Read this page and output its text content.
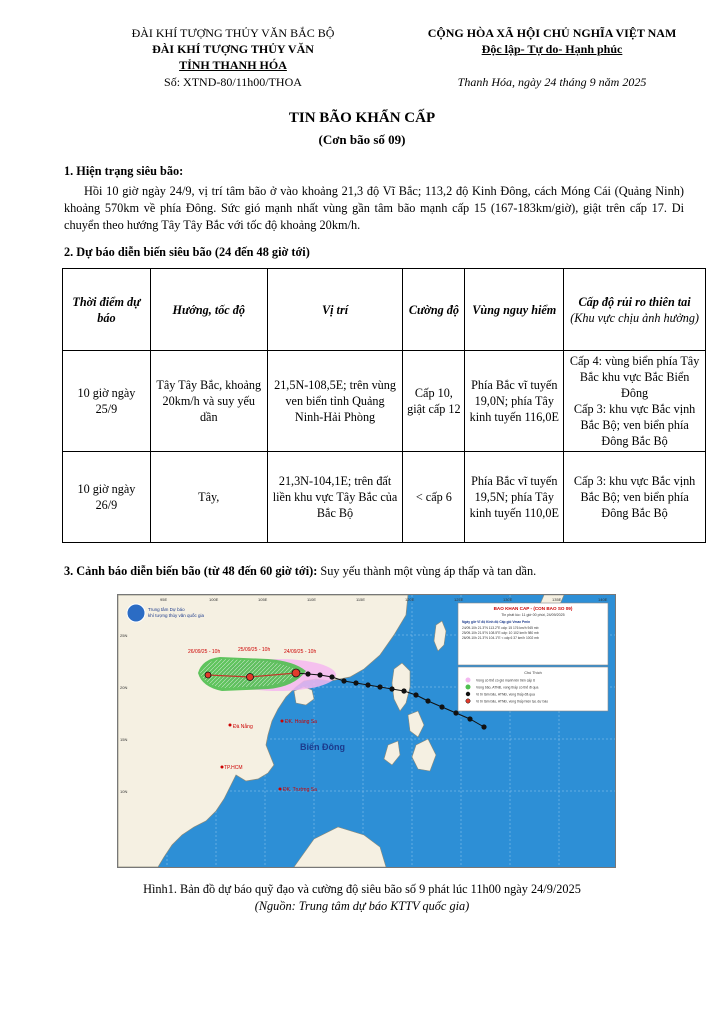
ĐÀI KHÍ TƯỢNG THỦY VĂN BẮC BỘ
ĐÀI KHÍ TƯỢNG THỦY VĂN
TỈNH THANH HÓA
Số: XTND-80/11h00/THOA
CỘNG HÒA XÃ HỘI CHỦ NGHĨA VIỆT NAM
Độc lập- Tự do- Hạnh phúc
Thanh Hóa, ngày 24 tháng 9 năm 2025
TIN BÃO KHẨN CẤP
(Cơn bão số 09)
1. Hiện trạng siêu bão:
Hồi 10 giờ ngày 24/9, vị trí tâm bão ở vào khoảng 21,3 độ Vĩ Bắc; 113,2 độ Kinh Đông, cách Móng Cái (Quảng Ninh) khoảng 570km về phía Đông. Sức gió mạnh nhất vùng gần tâm bão mạnh cấp 15 (167-183km/giờ), giật trên cấp 17. Di chuyển theo hướng Tây Tây Bắc với tốc độ khoảng 20km/h.
2. Dự báo diễn biến siêu bão (24 đến 48 giờ tới)
Thời điểm dự báo	Hướng, tốc độ	Vị trí	Cường độ	Vùng nguy hiểm	Cấp độ rủi ro thiên tai
(Khu vực chịu ảnh hưởng)

10 giờ ngày 25/9	Tây Tây Bắc, khoảng 20km/h và suy yếu dần	21,5N-108,5E; trên vùng ven biển tỉnh Quảng Ninh-Hải Phòng	Cấp 10, giật cấp 12	Phía Bắc vĩ tuyến 19,0N; phía Tây kinh tuyến 116,0E	Cấp 4: vùng biển phía Tây Bắc khu vực Bắc Biển Đông
Cấp 3: khu vực Bắc vịnh Bắc Bộ; ven biển phía Đông Bắc Bộ

10 giờ ngày 26/9	Tây,	21,3N-104,1E; trên đất liền khu vực Tây Bắc của Bắc Bộ	< cấp 6	Phía Bắc vĩ tuyến 19,5N; phía Tây kinh tuyến 110,0E	Cấp 3: khu vực Bắc vịnh Bắc Bộ; ven biển phía Đông Bắc Bộ
3. Cảnh báo diễn biến bão (từ 48 đến 60 giờ tới): Suy yếu thành một vùng áp thấp và tan dần.
24/09/25 - 10h
25/09/25 - 10h
26/09/25 - 10h
Đà Nẵng
ĐK. Hoàng Sa
Biển Đông
TP.HCM
ĐK. Trường Sa
Trung tâm Dự báo
khí tượng thủy văn quốc gia
95E	100E	105E	110E	115E	120E	125E	130E	135E	140E
25N
20N
15N
10N
BAO KHAN CAP - (CON BAO SO 09)
Tin phát lúc: 11 giờ 00 phút, 24/09/2025
Ngày giờ Vĩ độ Kinh độ Cấp gió Vmax Pmin
24/09-10h 21.3°N 113.2°E cấp: 15 176 km/h 945 mb
25/09-10h 21.5°N 108.5°E cấp: 10 102 km/h 980 mb
26/09-10h 21.3°N 104.1°E < cấp 6 37 km/h 1002 mb
Chú Thích
Vùng có thể có gió mạnh lên trên cấp 6
Vùng bão, ATNĐ, vùng thấp có thể đi qua
Vị trí tâm bão, ATNĐ, vùng thấp đã qua
Vị trí tâm bão, ATNĐ, vùng thấp hiện tại, dự báo
Hình1. Bản đồ dự báo quỹ đạo và cường độ siêu bão số 9 phát lúc 11h00 ngày 24/9/2025
(Nguồn: Trung tâm dự báo KTTV quốc gia)
